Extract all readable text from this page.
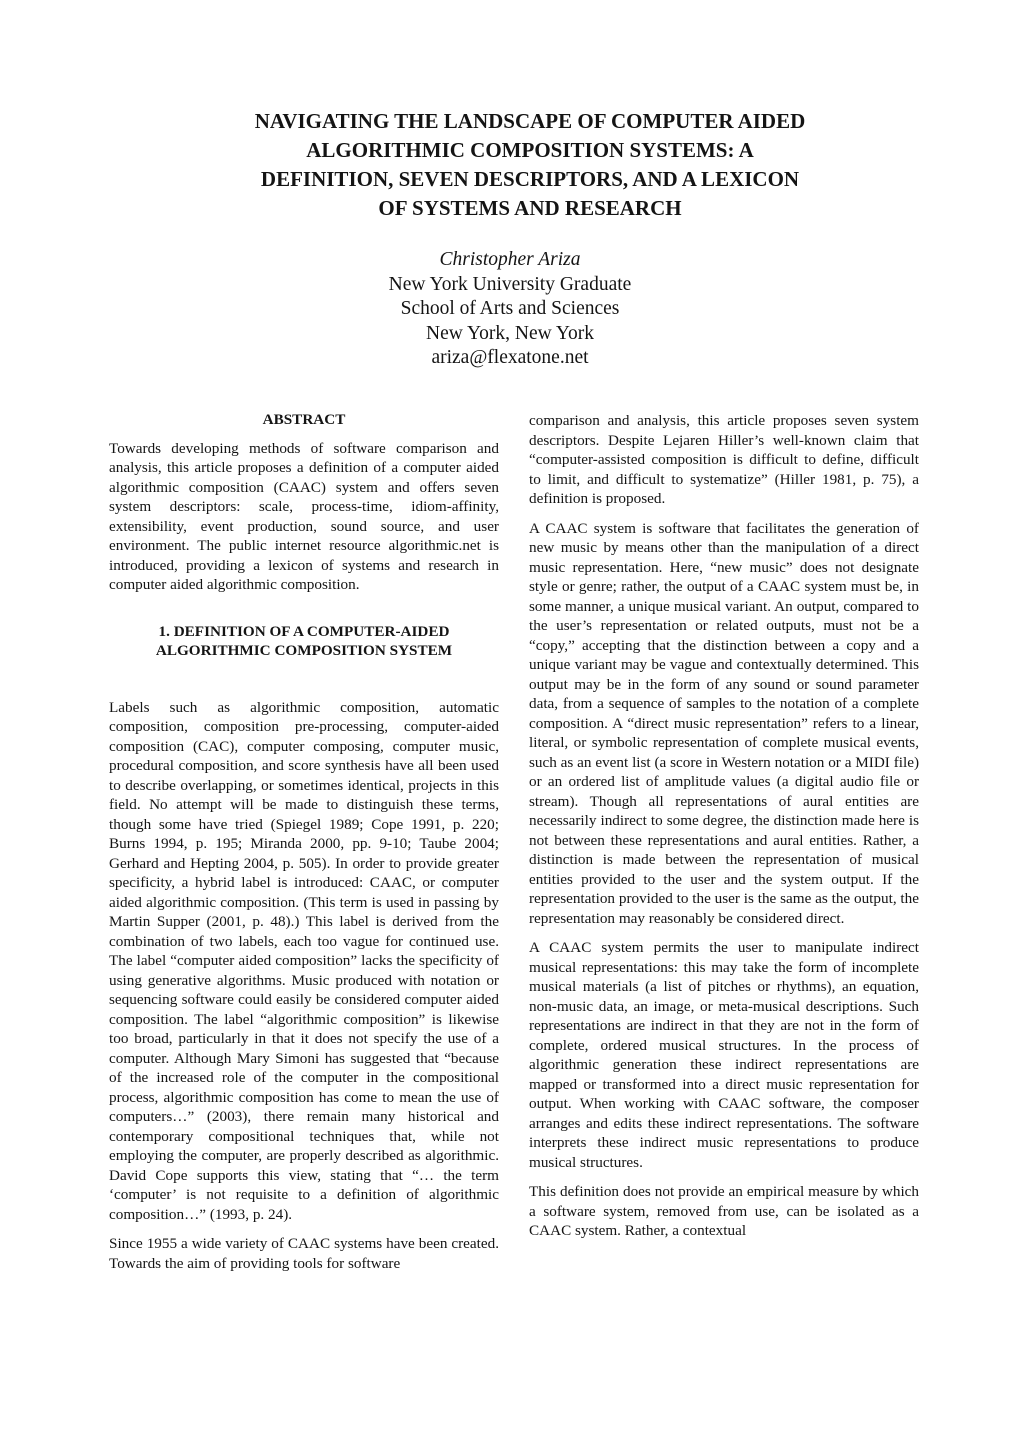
NAVIGATING THE LANDSCAPE OF COMPUTER AIDED
ALGORITHMIC COMPOSITION SYSTEMS: A
DEFINITION, SEVEN DESCRIPTORS, AND A LEXICON
OF SYSTEMS AND RESEARCH
Christopher Ariza
New York University Graduate
School of Arts and Sciences
New York, New York
ariza@flexatone.net
ABSTRACT

Towards developing methods of software comparison and analysis, this article proposes a definition of a computer aided algorithmic composition (CAAC) system and offers seven system descriptors: scale, process-time, idiom-affinity, extensibility, event production, sound source, and user environment. The public internet resource algorithmic.net is introduced, providing a lexicon of systems and research in computer aided algorithmic composition.

1. DEFINITION OF A COMPUTER-AIDED
ALGORITHMIC COMPOSITION SYSTEM

Labels such as algorithmic composition, automatic composition, composition pre-processing, computer-aided composition (CAC), computer composing, computer music, procedural composition, and score synthesis have all been used to describe overlapping, or sometimes identical, projects in this field. No attempt will be made to distinguish these terms, though some have tried (Spiegel 1989; Cope 1991, p. 220; Burns 1994, p. 195; Miranda 2000, pp. 9-10; Taube 2004; Gerhard and Hepting 2004, p. 505). In order to provide greater specificity, a hybrid label is introduced: CAAC, or computer aided algorithmic composition. (This term is used in passing by Martin Supper (2001, p. 48).) This label is derived from the combination of two labels, each too vague for continued use. The label “computer aided composition” lacks the specificity of using generative algorithms. Music produced with notation or sequencing software could easily be considered computer aided composition. The label “algorithmic composition” is likewise too broad, particularly in that it does not specify the use of a computer. Although Mary Simoni has suggested that “because of the increased role of the computer in the compositional process, algorithmic composition has come to mean the use of computers…” (2003), there remain many historical and contemporary compositional techniques that, while not employing the computer, are properly described as algorithmic. David Cope supports this view, stating that “… the term ‘computer’ is not requisite to a definition of algorithmic composition…” (1993, p. 24).

Since 1955 a wide variety of CAAC systems have been created. Towards the aim of providing tools for software

comparison and analysis, this article proposes seven system descriptors. Despite Lejaren Hiller’s well-known claim that “computer-assisted composition is difficult to define, difficult to limit, and difficult to systematize” (Hiller 1981, p. 75), a definition is proposed.

A CAAC system is software that facilitates the generation of new music by means other than the manipulation of a direct music representation. Here, “new music” does not designate style or genre; rather, the output of a CAAC system must be, in some manner, a unique musical variant. An output, compared to the user’s representation or related outputs, must not be a “copy,” accepting that the distinction between a copy and a unique variant may be vague and contextually determined. This output may be in the form of any sound or sound parameter data, from a sequence of samples to the notation of a complete composition. A “direct music representation” refers to a linear, literal, or symbolic representation of complete musical events, such as an event list (a score in Western notation or a MIDI file) or an ordered list of amplitude values (a digital audio file or stream). Though all representations of aural entities are necessarily indirect to some degree, the distinction made here is not between these representations and aural entities. Rather, a distinction is made between the representation of musical entities provided to the user and the system output. If the representation provided to the user is the same as the output, the representation may reasonably be considered direct.

A CAAC system permits the user to manipulate indirect musical representations: this may take the form of incomplete musical materials (a list of pitches or rhythms), an equation, non-music data, an image, or meta-musical descriptions. Such representations are indirect in that they are not in the form of complete, ordered musical structures. In the process of algorithmic generation these indirect representations are mapped or transformed into a direct music representation for output. When working with CAAC software, the composer arranges and edits these indirect representations. The software interprets these indirect music representations to produce musical structures.

This definition does not provide an empirical measure by which a software system, removed from use, can be isolated as a CAAC system. Rather, a contextual
